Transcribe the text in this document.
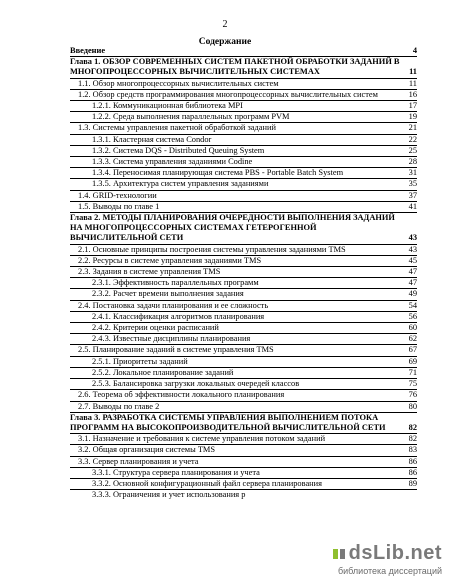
2
Содержание
Введение	4
Глава 1. ОБЗОР СОВРЕМЕННЫХ СИСТЕМ ПАКЕТНОЙ ОБРАБОТКИ ЗАДАНИЙ В МНОГОПРОЦЕССОРНЫХ ВЫЧИСЛИТЕЛЬНЫХ СИСТЕМАХ	11
1.1. Обзор многопроцессорных вычислительных систем	11
1.2. Обзор средств программирования многопроцессорных вычислительных систем	16
1.2.1. Коммуникационная библиотека MPI	17
1.2.2. Среда выполнения параллельных программ PVM	19
1.3. Системы управления пакетной обработкой заданий	21
1.3.1. Кластерная система Condor	22
1.3.2. Система DQS - Distributed Queuing System	25
1.3.3. Система управления заданиями Codine	28
1.3.4. Переносимая планирующая система PBS - Portable Batch System	31
1.3.5. Архитектура систем управления заданиями	35
1.4. GRID-технологии	37
1.5. Выводы по главе 1	41
Глава 2. МЕТОДЫ ПЛАНИРОВАНИЯ ОЧЕРЕДНОСТИ ВЫПОЛНЕНИЯ ЗАДАНИЙ НА МНОГОПРОЦЕССОРНЫХ СИСТЕМАХ ГЕТЕРОГЕННОЙ ВЫЧИСЛИТЕЛЬНОЙ СЕТИ	43
2.1. Основные принципы построения системы управления заданиями TMS	43
2.2. Ресурсы в системе управления заданиями TMS	45
2.3. Задания в системе управления TMS	47
2.3.1. Эффективность параллельных программ	47
2.3.2. Расчет времени выполнения задания	49
2.4. Постановка задачи планирования и ее сложность	54
2.4.1. Классификация алгоритмов планирования	56
2.4.2. Критерии оценки расписаний	60
2.4.3. Известные дисциплины планирования	62
2.5. Планирование заданий в системе управления TMS	67
2.5.1. Приоритеты заданий	69
2.5.2. Локальное планирование заданий	71
2.5.3. Балансировка загрузки локальных очередей классов	75
2.6. Теорема об эффективности локального планирования	76
2.7. Выводы по главе 2	80
Глава 3. РАЗРАБОТКА СИСТЕМЫ УПРАВЛЕНИЯ ВЫПОЛНЕНИЕМ ПОТОКА ПРОГРАММ НА ВЫСОКОПРОИЗВОДИТЕЛЬНОЙ ВЫЧИСЛИТЕЛЬНОЙ СЕТИ	82
3.1. Назначение и требования к системе управления потоком заданий	82
3.2. Общая организация системы TMS	83
3.3. Сервер планирования и учета	86
3.3.1. Структура сервера планирования и учета	86
3.3.2. Основной конфигурационный файл сервера планирования	89
3.3.3. Ограничения и учет использования р
dsLib.net
библиотека диссертаций
